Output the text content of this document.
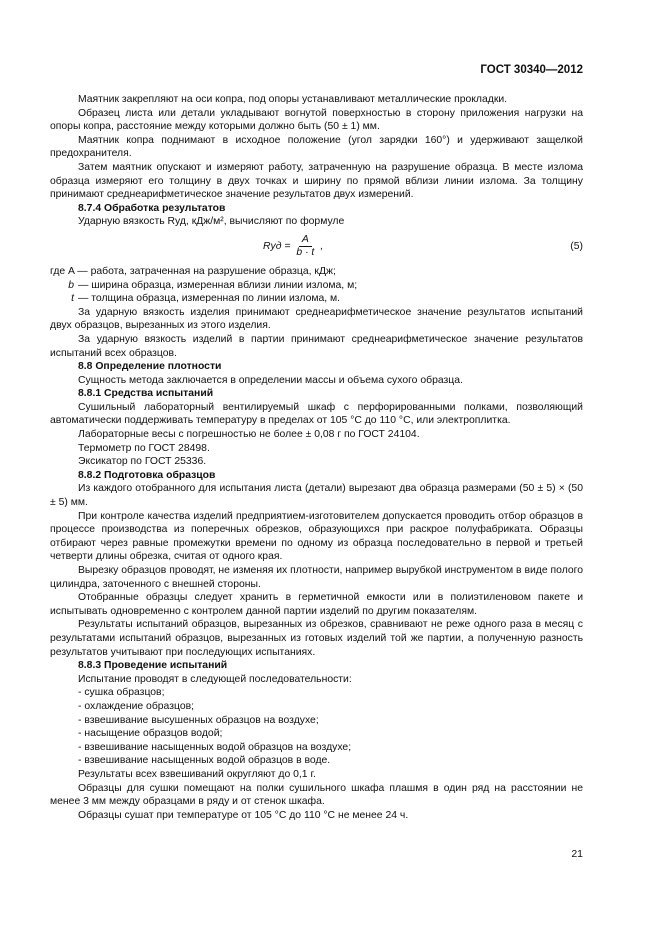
ГОСТ 30340—2012

Маятник закрепляют на оси копра, под опоры устанавливают металлические прокладки.

Образец листа или детали укладывают вогнутой поверхностью в сторону приложения нагрузки на опоры копра, расстояние между которыми должно быть (50 ± 1) мм.

Маятник копра поднимают в исходное положение (угол зарядки 160°) и удерживают защелкой предохранителя.

Затем маятник опускают и измеряют работу, затраченную на разрушение образца. В месте излома образца измеряют его толщину в двух точках и ширину по прямой вблизи линии излома. За толщину принимают среднеарифметическое значение результатов двух измерений.

8.7.4 Обработка результатов

Ударную вязкость Rуд, кДж/м², вычисляют по формуле

Rуд = $\frac{A}{b \cdot t}$ ,	(5)

где A — работа, затраченная на разрушение образца, кДж;

b — ширина образца, измеренная вблизи линии излома, м;

t — толщина образца, измеренная по линии излома, м.

За ударную вязкость изделия принимают среднеарифметическое значение результатов испытаний двух образцов, вырезанных из этого изделия.

За ударную вязкость изделий в партии принимают среднеарифметическое значение результатов испытаний всех образцов.

8.8 Определение плотности

Сущность метода заключается в определении массы и объема сухого образца.

8.8.1 Средства испытаний

Сушильный лабораторный вентилируемый шкаф с перфорированными полками, позволяющий автоматически поддерживать температуру в пределах от 105 °С до 110 °С, или электроплитка.

Лабораторные весы с погрешностью не более ± 0,08 г по ГОСТ 24104.

Термометр по ГОСТ 28498.

Эксикатор по ГОСТ 25336.

8.8.2 Подготовка образцов

Из каждого отобранного для испытания листа (детали) вырезают два образца размерами (50 ± 5) × (50 ± 5) мм.

При контроле качества изделий предприятием-изготовителем допускается проводить отбор образцов в процессе производства из поперечных обрезков, образующихся при раскрое полуфабриката. Образцы отбирают через равные промежутки времени по одному из образца последовательно в первой и третьей четверти длины обрезка, считая от одного края.

Вырезку образцов проводят, не изменяя их плотности, например вырубкой инструментом в виде полого цилиндра, заточенного с внешней стороны.

Отобранные образцы следует хранить в герметичной емкости или в полиэтиленовом пакете и испытывать одновременно с контролем данной партии изделий по другим показателям.

Результаты испытаний образцов, вырезанных из обрезков, сравнивают не реже одного раза в месяц с результатами испытаний образцов, вырезанных из готовых изделий той же партии, а полученную разность результатов учитывают при последующих испытаниях.

8.8.3 Проведение испытаний

Испытание проводят в следующей последовательности:

- сушка образцов;

- охлаждение образцов;

- взвешивание высушенных образцов на воздухе;

- насыщение образцов водой;

- взвешивание насыщенных водой образцов на воздухе;

- взвешивание насыщенных водой образцов в воде.

Результаты всех взвешиваний округляют до 0,1 г.

Образцы для сушки помещают на полки сушильного шкафа плашмя в один ряд на расстоянии не менее 3 мм между образцами в ряду и от стенок шкафа.

Образцы сушат при температуре от 105 °С до 110 °С не менее 24 ч.

21
